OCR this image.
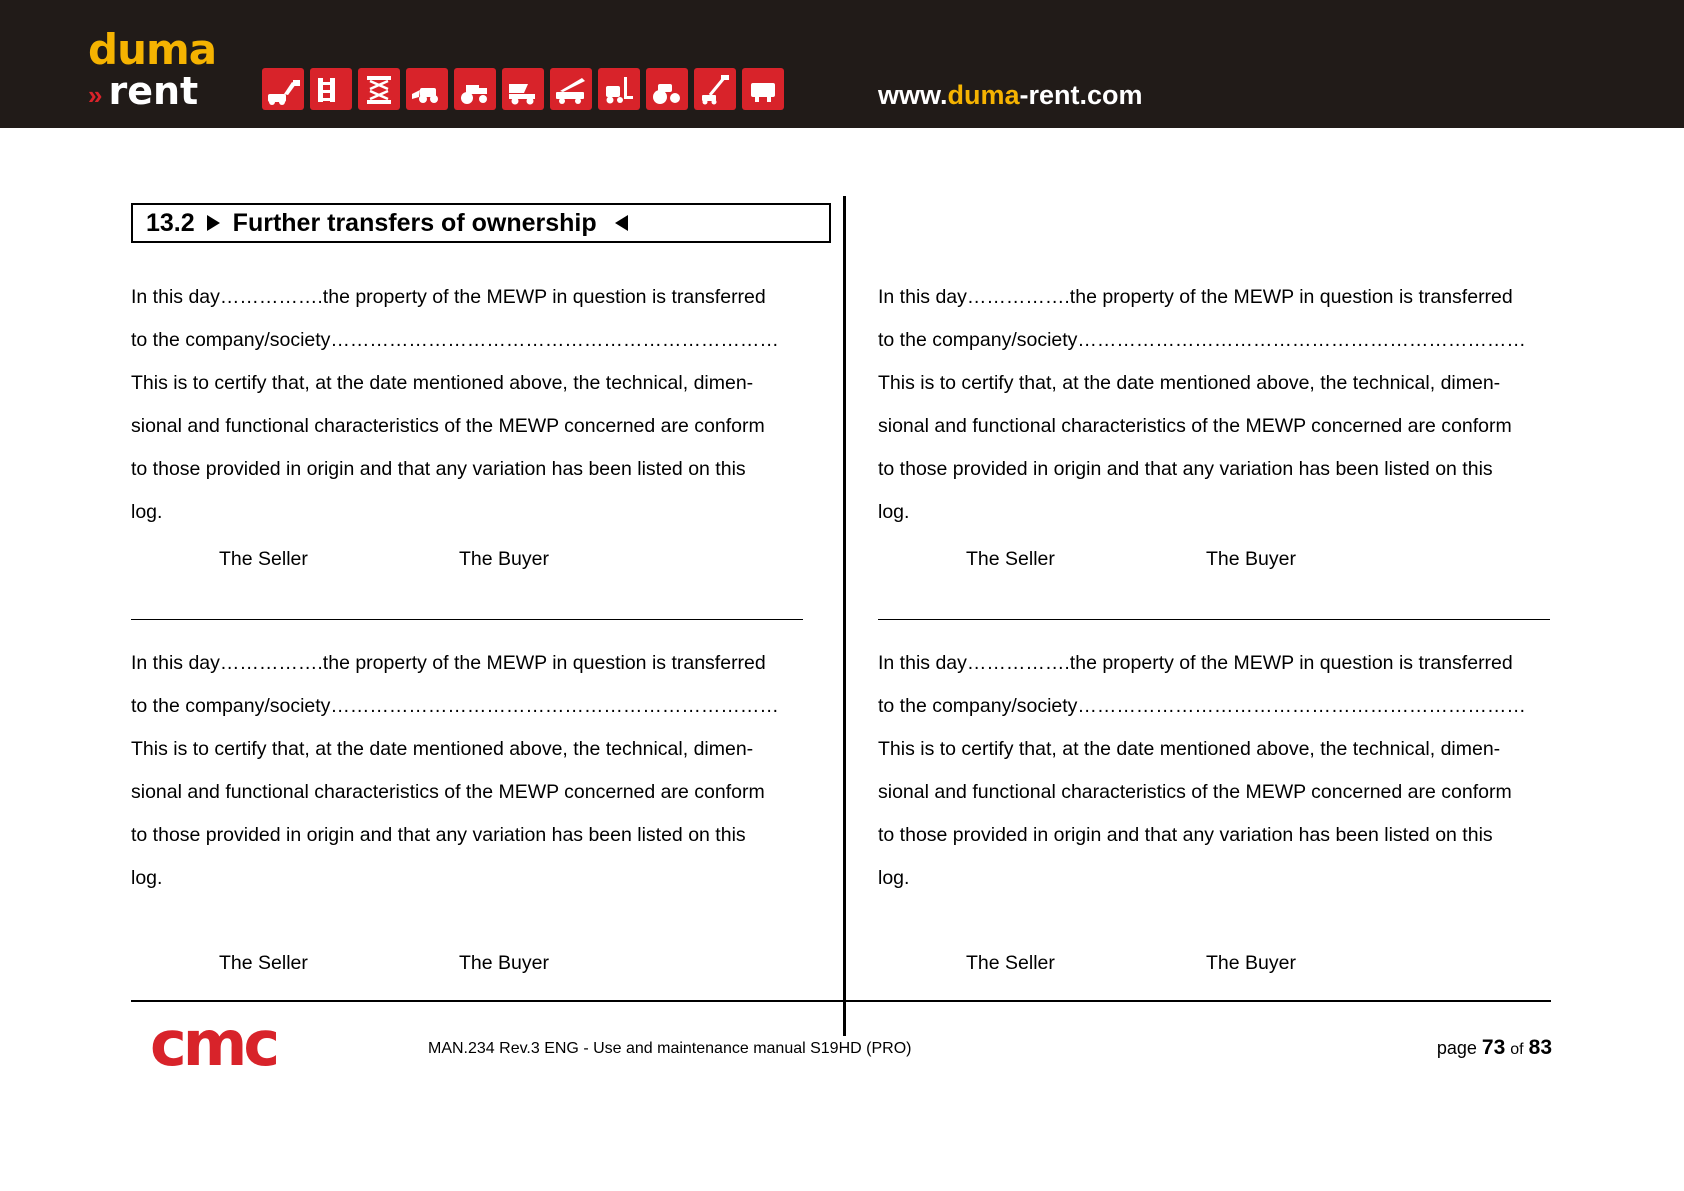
duma
» rent	www.duma-rent.com
13.2 Further transfers of ownership
In this day…………….the property of the MEWP in question is transferred
to the company/society……………………………………………………………
This is to certify that, at the date mentioned above, the technical, dimen-
sional and functional characteristics of the MEWP concerned are conform
to those provided in origin and that any variation has been listed on this
log.
The Seller	The Buyer
In this day…………….the property of the MEWP in question is transferred
to the company/society……………………………………………………………
This is to certify that, at the date mentioned above, the technical, dimen-
sional and functional characteristics of the MEWP concerned are conform
to those provided in origin and that any variation has been listed on this
log.
The Seller	The Buyer
In this day…………….the property of the MEWP in question is transferred
to the company/society……………………………………………………………
This is to certify that, at the date mentioned above, the technical, dimen-
sional and functional characteristics of the MEWP concerned are conform
to those provided in origin and that any variation has been listed on this
log.
The Seller	The Buyer
In this day…………….the property of the MEWP in question is transferred
to the company/society……………………………………………………………
This is to certify that, at the date mentioned above, the technical, dimen-
sional and functional characteristics of the MEWP concerned are conform
to those provided in origin and that any variation has been listed on this
log.
The Seller	The Buyer
cmc	MAN.234 Rev.3 ENG - Use and maintenance manual S19HD (PRO)	page 73 of 83
